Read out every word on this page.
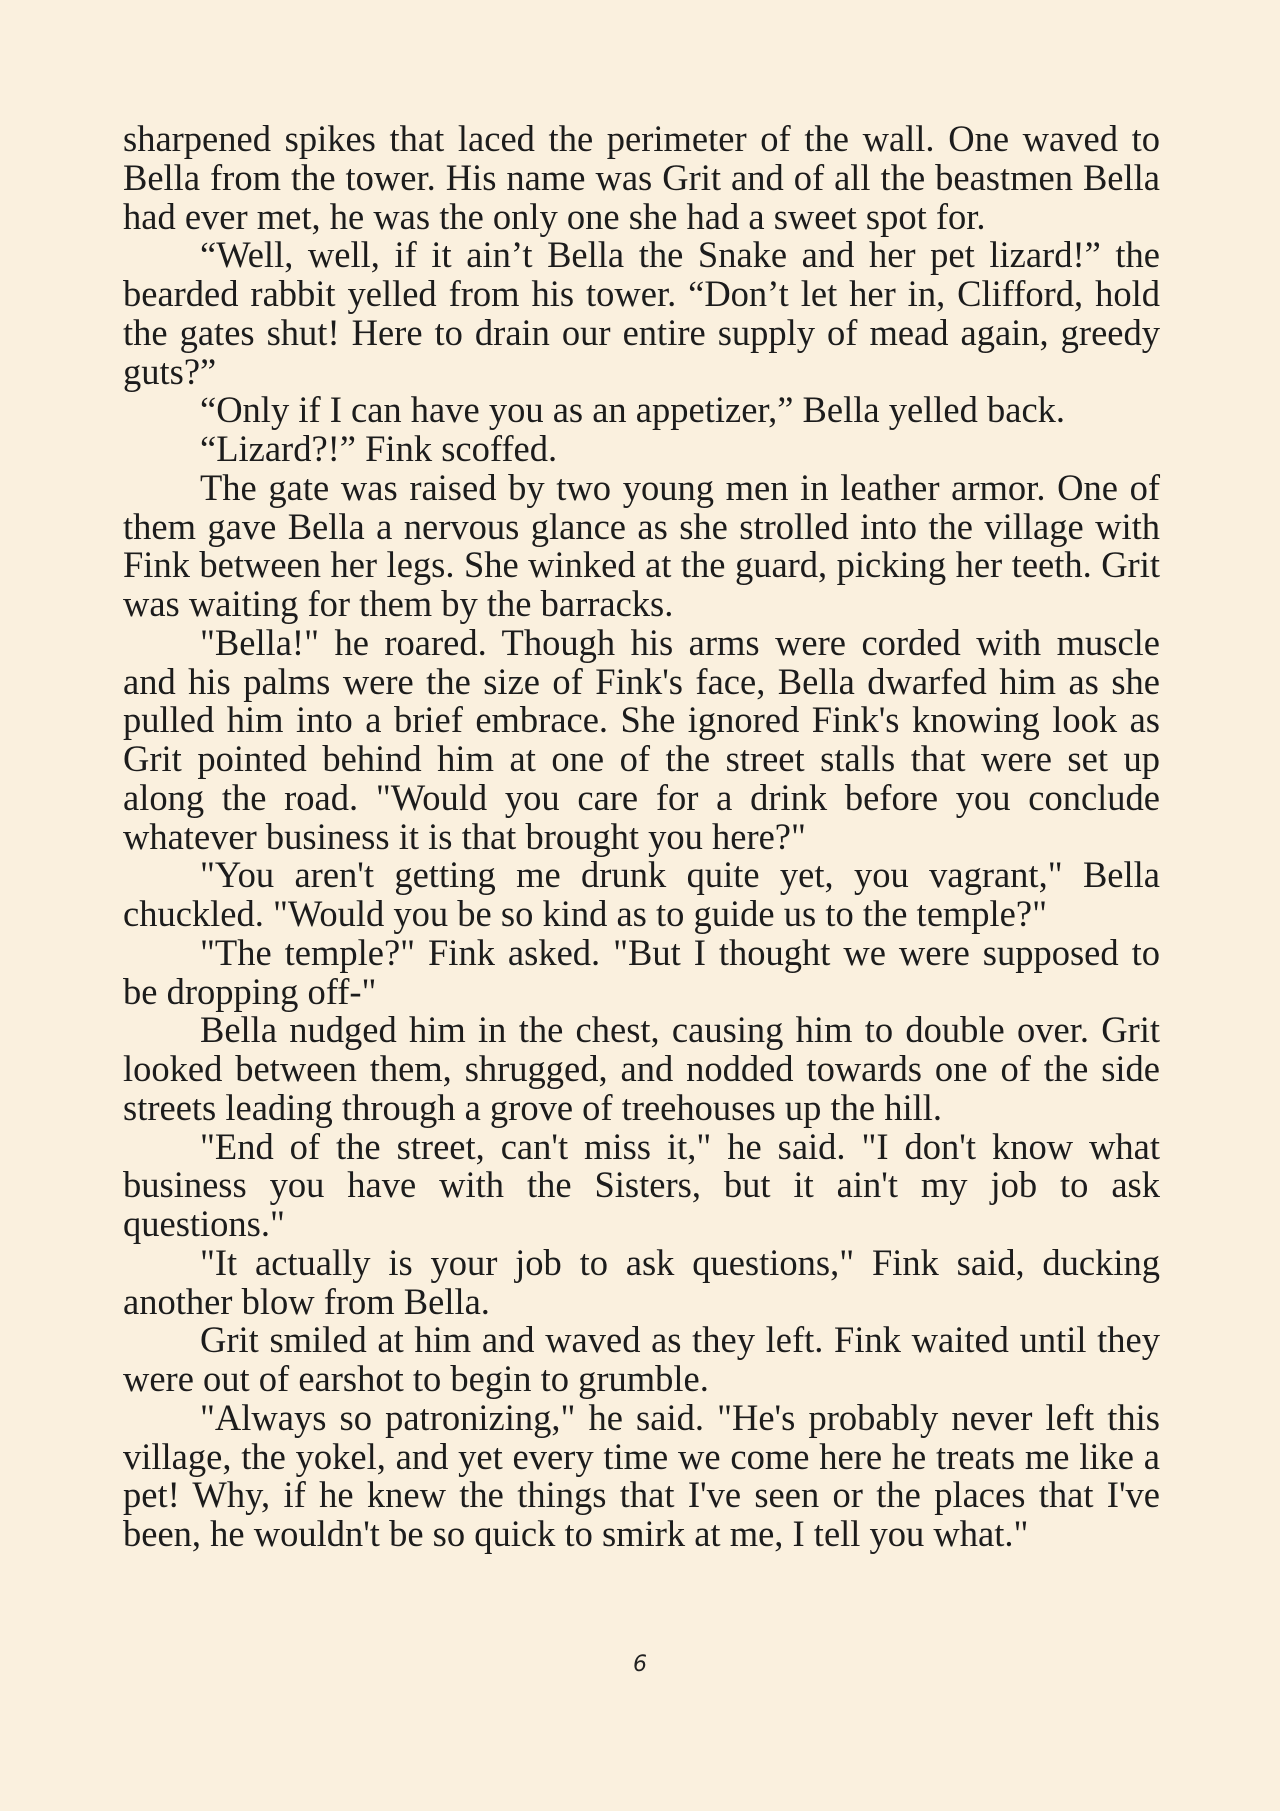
sharpened spikes that laced the perimeter of the wall. One waved to Bella from the tower. His name was Grit and of all the beastmen Bella had ever met, he was the only one she had a sweet spot for.

“Well, well, if it ain’t Bella the Snake and her pet lizard!” the bearded rabbit yelled from his tower. “Don’t let her in, Clifford, hold the gates shut! Here to drain our entire supply of mead again, greedy guts?”

“Only if I can have you as an appetizer,” Bella yelled back.

“Lizard?!” Fink scoffed.

The gate was raised by two young men in leather armor. One of them gave Bella a nervous glance as she strolled into the village with Fink between her legs. She winked at the guard, picking her teeth. Grit was waiting for them by the barracks.

"Bella!" he roared. Though his arms were corded with muscle and his palms were the size of Fink's face, Bella dwarfed him as she pulled him into a brief embrace. She ignored Fink's knowing look as Grit pointed behind him at one of the street stalls that were set up along the road. "Would you care for a drink before you conclude whatever business it is that brought you here?"

"You aren't getting me drunk quite yet, you vagrant," Bella chuckled. "Would you be so kind as to guide us to the temple?"

"The temple?" Fink asked. "But I thought we were supposed to be dropping off-"

Bella nudged him in the chest, causing him to double over. Grit looked between them, shrugged, and nodded towards one of the side streets leading through a grove of treehouses up the hill.

"End of the street, can't miss it," he said. "I don't know what business you have with the Sisters, but it ain't my job to ask questions."

"It actually is your job to ask questions," Fink said, ducking another blow from Bella.

Grit smiled at him and waved as they left. Fink waited until they were out of earshot to begin to grumble.

"Always so patronizing," he said. "He's probably never left this village, the yokel, and yet every time we come here he treats me like a pet! Why, if he knew the things that I've seen or the places that I've been, he wouldn't be so quick to smirk at me, I tell you what."

6
